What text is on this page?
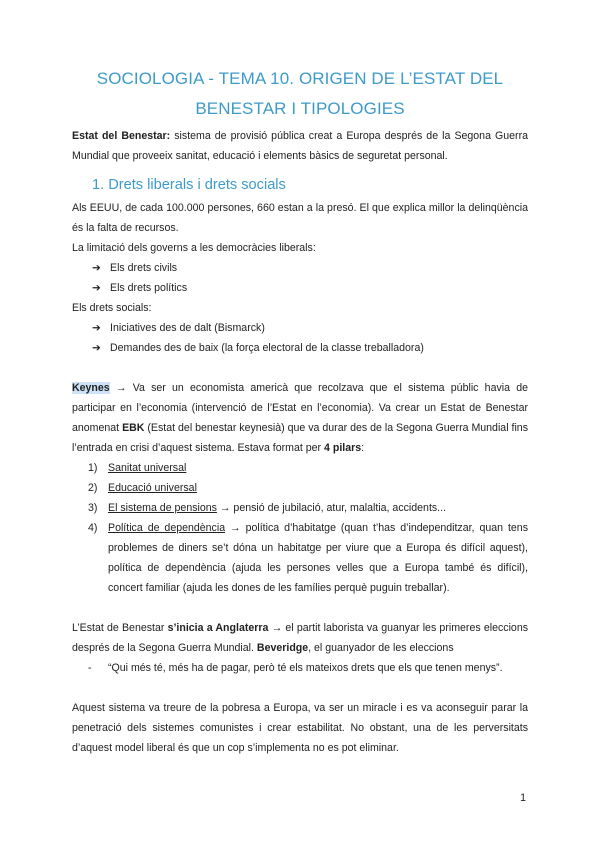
SOCIOLOGIA - TEMA 10. ORIGEN DE L’ESTAT DEL
BENESTAR I TIPOLOGIES

Estat del Benestar: sistema de provisió pública creat a Europa després de la Segona Guerra Mundial que proveeix sanitat, educació i elements bàsics de seguretat personal.

1. Drets liberals i drets socials

Als EEUU, de cada 100.000 persones, 660 estan a la presó. El que explica millor la delinqüència és la falta de recursos.

La limitació dels governs a les democràcies liberals:

➔ Els drets civils
➔ Els drets polítics

Els drets socials:

➔ Iniciatives des de dalt (Bismarck)
➔ Demandes des de baix (la força electoral de la classe treballadora)

Keynes → Va ser un economista americà que recolzava que el sistema públic havia de participar en l’economia (intervenció de l’Estat en l’economia). Va crear un Estat de Benestar anomenat EBK (Estat del benestar keynesià) que va durar des de la Segona Guerra Mundial fins l’entrada en crisi d’aquest sistema. Estava format per 4 pilars:

1) Sanitat universal
2) Educació universal
3) El sistema de pensions → pensió de jubilació, atur, malaltia, accidents...
4) Política de dependència → política d’habitatge (quan t’has d’independitzar, quan tens problemes de diners se’t dóna un habitatge per viure que a Europa és difícil aquest), política de dependència (ajuda les persones velles que a Europa també és difícil), concert familiar (ajuda les dones de les famílies perquè puguin treballar).

L’Estat de Benestar s’inicia a Anglaterra → el partit laborista va guanyar les primeres eleccions després de la Segona Guerra Mundial. Beveridge, el guanyador de les eleccions

- “Qui més té, més ha de pagar, però té els mateixos drets que els que tenen menys”.

Aquest sistema va treure de la pobresa a Europa, va ser un miracle i es va aconseguir parar la penetració dels sistemes comunistes i crear estabilitat. No obstant, una de les perversitats d’aquest model liberal és que un cop s’implementa no es pot eliminar.

1
